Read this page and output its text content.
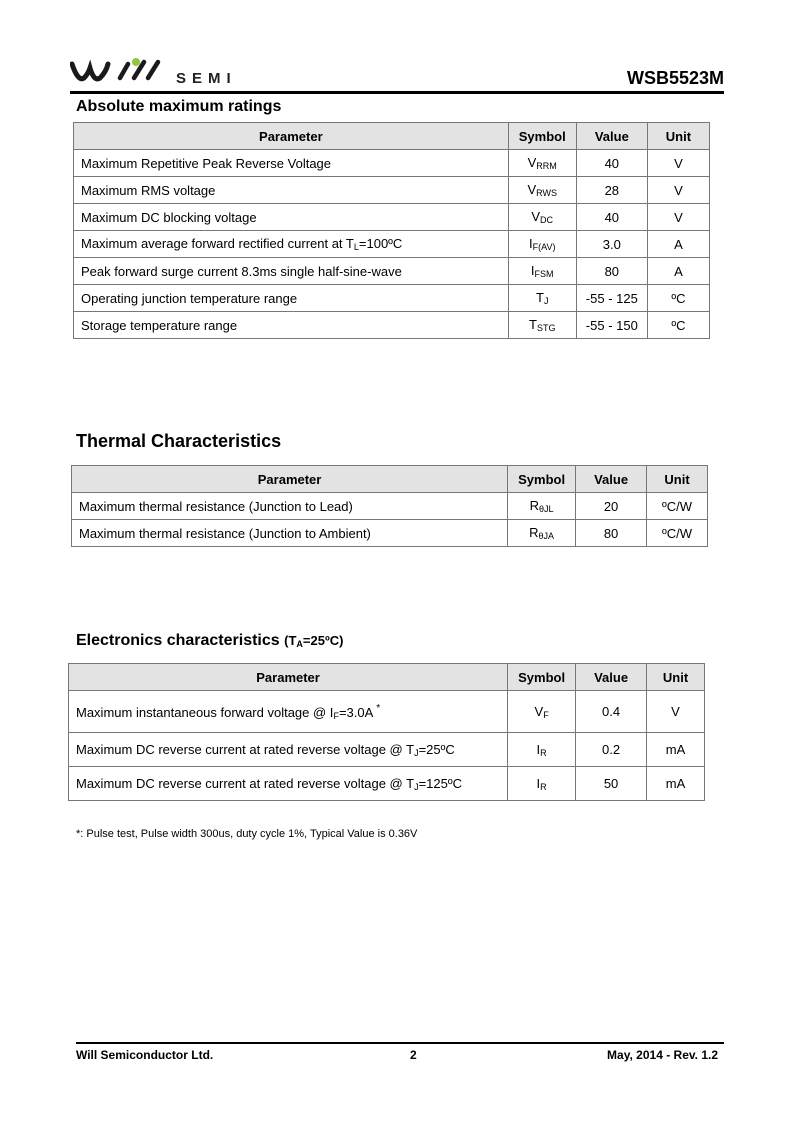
SEMI	WSB5523M
Absolute maximum ratings
Parameter	Symbol	Value	Unit
Maximum Repetitive Peak Reverse Voltage	$V_{RRM}$	40	V
Maximum RMS voltage	$V_{RWS}$	28	V
Maximum DC blocking voltage	$V_{DC}$	40	V
Maximum average forward rectified current at $T_L=100ºC$	$I_{F(AV)}$	3.0	A
Peak forward surge current 8.3ms single half-sine-wave	$I_{FSM}$	80	A
Operating junction temperature range	$T_J$	-55 - 125	ºC
Storage temperature range	$T_{STG}$	-55 - 150	ºC
Thermal Characteristics
Parameter	Symbol	Value	Unit
Maximum thermal resistance (Junction to Lead)	$R_{\theta JL}$	20	ºC/W
Maximum thermal resistance (Junction to Ambient)	$R_{\theta JA}$	80	ºC/W
Electronics characteristics $(T_A=25ºC)$
Parameter	Symbol	Value	Unit
Maximum instantaneous forward voltage @ $I_F=3.0A$ *	$V_F$	0.4	V
Maximum DC reverse current at rated reverse voltage @ $T_J=25ºC$	$I_R$	0.2	mA
Maximum DC reverse current at rated reverse voltage @ $T_J=125ºC$	$I_R$	50	mA
*: Pulse test, Pulse width 300us, duty cycle 1%, Typical Value is 0.36V
Will Semiconductor Ltd.	2	May, 2014 - Rev. 1.2
